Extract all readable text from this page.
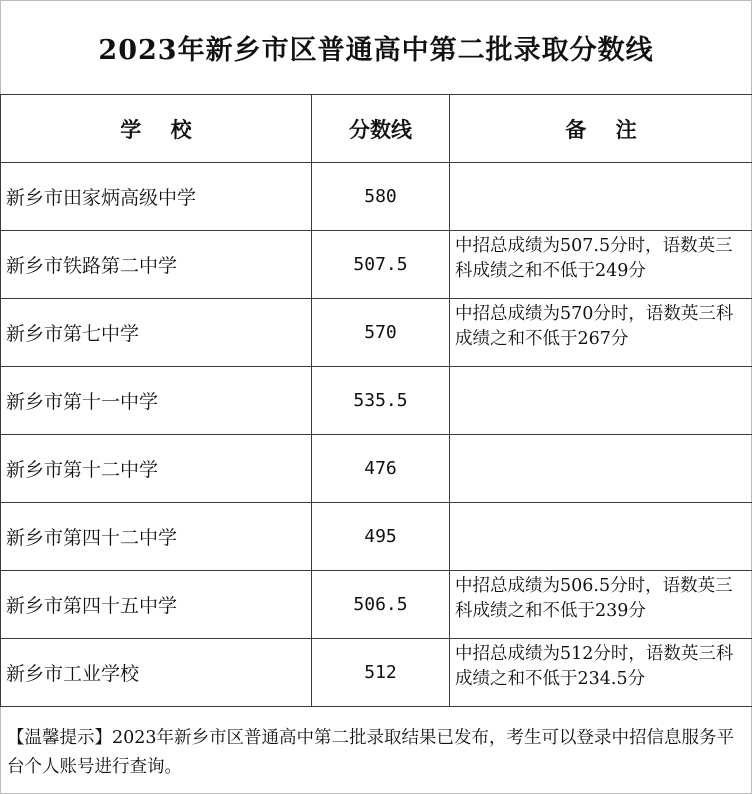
2023年新乡市区普通高中第二批录取分数线
学校	分数线	备注
新乡市田家炳高级中学	580	
新乡市铁路第二中学	507.5	中招总成绩为507.5分时，语数英三科成绩之和不低于249分
新乡市第七中学	570	中招总成绩为570分时，语数英三科成绩之和不低于267分
新乡市第十一中学	535.5	
新乡市第十二中学	476	
新乡市第四十二中学	495	
新乡市第四十五中学	506.5	中招总成绩为506.5分时，语数英三科成绩之和不低于239分
新乡市工业学校	512	中招总成绩为512分时，语数英三科成绩之和不低于234.5分
【温馨提示】2023年新乡市区普通高中第二批录取结果已发布，考生可以登录中招信息服务平台个人账号进行查询。
